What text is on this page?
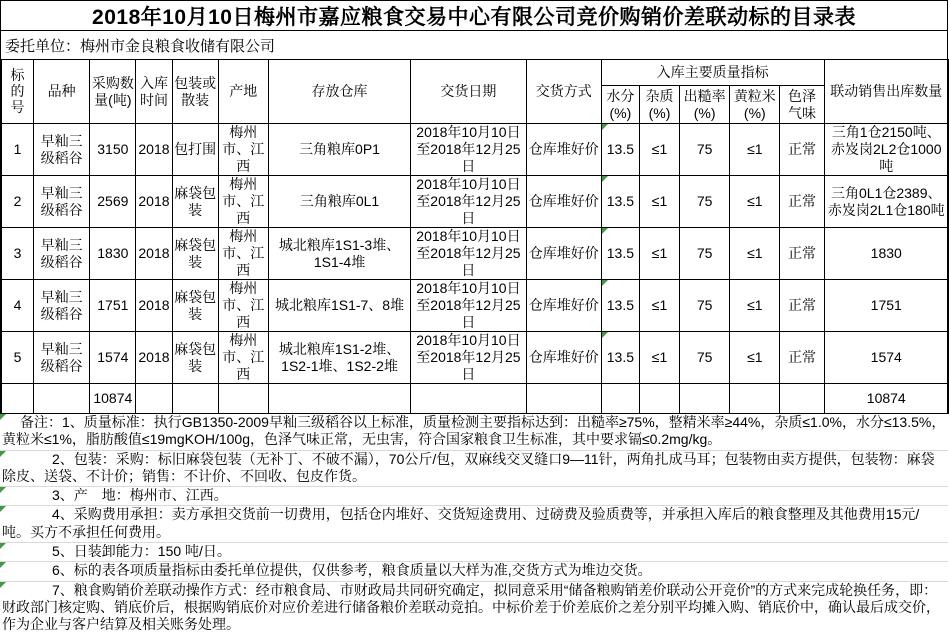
2018年10月10日梅州市嘉应粮食交易中心有限公司竞价购销价差联动标的目录表
委托单位：梅州市金良粮食收储有限公司
标的号	品种	采购数量(吨)	入库时间	包装或散装	产地	存放仓库	交货日期	交货方式	入库主要质量指标					联动销售出库数量
									水分(%)	杂质(%)	出糙率(%)	黄粒米(%)	色泽气味	
1	早籼三级稻谷	3150	2018	包打围	梅州市、江西	三角粮库0P1	2018年10月10日至2018年12月25日	仓库堆好价	13.5	≤1	75	≤1	正常	三角1仓2150吨、赤岌岗2L2仓1000吨
2	早籼三级稻谷	2569	2018	麻袋包装	梅州市、江西	三角粮库0L1	2018年10月10日至2018年12月25日	仓库堆好价	13.5	≤1	75	≤1	正常	三角0L1仓2389、赤岌岗2L1仓180吨
3	早籼三级稻谷	1830	2018	麻袋包装	梅州市、江西	城北粮库1S1-3堆、1S1-4堆	2018年10月10日至2018年12月25日	仓库堆好价	13.5	≤1	75	≤1	正常	1830
4	早籼三级稻谷	1751	2018	麻袋包装	梅州市、江西	城北粮库1S1-7、8堆	2018年10月10日至2018年12月25日	仓库堆好价	13.5	≤1	75	≤1	正常	1751
5	早籼三级稻谷	1574	2018	麻袋包装	梅州市、江西	城北粮库1S1-2堆、1S2-1堆、1S2-2堆	2018年10月10日至2018年12月25日	仓库堆好价	13.5	≤1	75	≤1	正常	1574
		10874												10874
备注：1、质量标准：执行GB1350-2009早籼三级稻谷以上标准，质量检测主要指标达到：出糙率≥75%，整精米率≥44%，杂质≤1.0%，水分≤13.5%，黄粒米≤1%，脂肪酸值≤19mgKOH/100g，色泽气味正常，无虫害，符合国家粮食卫生标准，其中要求镉≤0.2mg/kg。
2、包装：采购：标旧麻袋包装（无补丁、不破不漏），70公斤/包，双麻线交叉缝口9—11针，两角扎成马耳；包装物由卖方提供，包装物：麻袋除皮、送袋、不计价；销售：不计价、不回收、包皮作货。
3、产　地：梅州市、江西。
4、采购费用承担：卖方承担交货前一切费用，包括仓内堆好、交货短途费用、过磅费及验质费等，并承担入库后的粮食整理及其他费用15元/吨。买方不承担任何费用。
5、日装卸能力：150 吨/日。
6、标的表各项质量指标由委托单位提供，仅供参考，粮食质量以大样为准,交货方式为堆边交货。
7、粮食购销价差联动操作方式：经市粮食局、市财政局共同研究确定，拟同意采用“储备粮购销差价联动公开竞价”的方式来完成轮换任务，即：财政部门核定购、销底价后，根据购销底价对应价差进行储备粮价差联动竞拍。中标价差于价差底价之差分别平均摊入购、销底价中，确认最后成交价，作为企业与客户结算及相关账务处理。
